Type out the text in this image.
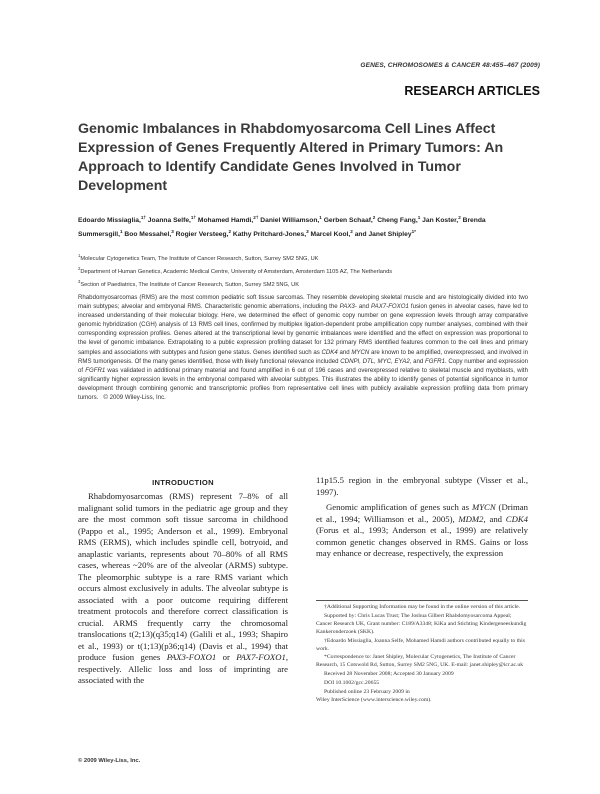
GENES, CHROMOSOMES & CANCER 48:455–467 (2009)
RESEARCH ARTICLES
Genomic Imbalances in Rhabdomyosarcoma Cell Lines Affect Expression of Genes Frequently Altered in Primary Tumors: An Approach to Identify Candidate Genes Involved in Tumor Development

Edoardo Missiaglia,$^{1\dagger}$ Joanna Selfe,$^{1\dagger}$ Mohamed Hamdi,$^{2\dagger}$ Daniel Williamson,$^1$ Gerben Schaaf,$^2$ Cheng Fang,$^1$ Jan Koster,$^2$ Brenda Summersgill,$^1$ Boo Messahel,$^3$ Rogier Versteeg,$^2$ Kathy Pritchard-Jones,$^3$ Marcel Kool,$^2$ and Janet Shipley$^{1*}$

$^1$Molecular Cytogenetics Team, The Institute of Cancer Research, Sutton, Surrey SM2 5NG, UK
$^2$Department of Human Genetics, Academic Medical Centre, University of Amsterdam, Amsterdam 1105 AZ, The Netherlands
$^3$Section of Paediatrics, The Institute of Cancer Research, Sutton, Surrey SM2 5NG, UK

Rhabdomyosarcomas (RMS) are the most common pediatric soft tissue sarcomas. They resemble developing skeletal muscle and are histologically divided into two main subtypes; alveolar and embryonal RMS. Characteristic genomic aberrations, including the PAX3- and PAX7-FOXO1 fusion genes in alveolar cases, have led to increased understanding of their molecular biology. Here, we determined the effect of genomic copy number on gene expression levels through array comparative genomic hybridization (CGH) analysis of 13 RMS cell lines, confirmed by multiplex ligation-dependent probe amplification copy number analyses, combined with their corresponding expression profiles. Genes altered at the transcriptional level by genomic imbalances were identified and the effect on expression was proportional to the level of genomic imbalance. Extrapolating to a public expression profiling dataset for 132 primary RMS identified features common to the cell lines and primary samples and associations with subtypes and fusion gene status. Genes identified such as CDK4 and MYCN are known to be amplified, overexpressed, and involved in RMS tumorigenesis. Of the many genes identified, those with likely functional relevance included CDNPI, DTL, MYC, EYA2, and FGFR1. Copy number and expression of FGFR1 was validated in additional primary material and found amplified in 6 out of 196 cases and overexpressed relative to skeletal muscle and myoblasts, with significantly higher expression levels in the embryonal compared with alveolar subtypes. This illustrates the ability to identify genes of potential significance in tumor development through combining genomic and transcriptomic profiles from representative cell lines with publicly available expression profiling data from primary tumors. © 2009 Wiley-Liss, Inc.

INTRODUCTION

Rhabdomyosarcomas (RMS) represent 7–8% of all malignant solid tumors in the pediatric age group and they are the most common soft tissue sarcoma in childhood (Pappo et al., 1995; Anderson et al., 1999). Embryonal RMS (ERMS), which includes spindle cell, botryoid, and anaplastic variants, represents about 70–80% of all RMS cases, whereas ~20% are of the alveolar (ARMS) subtype. The pleomorphic subtype is a rare RMS variant which occurs almost exclusively in adults. The alveolar subtype is associated with a poor outcome requiring different treatment protocols and therefore correct classification is crucial. ARMS frequently carry the chromosomal translocations t(2;13)(q35;q14) (Galili et al., 1993; Shapiro et al., 1993) or t(1;13)(p36;q14) (Davis et al., 1994) that produce fusion genes PAX3-FOXO1 or PAX7-FOXO1, respectively. Allelic loss and loss of imprinting are associated with the

11p15.5 region in the embryonal subtype (Visser et al., 1997).
Genomic amplification of genes such as MYCN (Driman et al., 1994; Williamson et al., 2005), MDM2, and CDK4 (Forus et al., 1993; Anderson et al., 1999) are relatively common genetic changes observed in RMS. Gains or loss may enhance or decrease, respectively, the expression

†Additional Supporting Information may be found in the online version of this article.
Supported by: Chris Lucas Trust; The Joshua Gilbert Rhabdomyosarcoma Appeal; Cancer Research UK, Grant number: C189/A3348; KiKa and Stichting Kindergeneeskundig Kankeronderzoek (SKK).
†Edoardo Missiaglia, Joanna Selfe, Mohamed Hamdi authors contributed equally to this work.
*Correspondence to: Janet Shipley, Molecular Cytogenetics, The Institute of Cancer Research, 15 Cotswold Rd, Sutton, Surrey SM2 5NG, UK. E-mail: janet.shipley@icr.ac.uk
Received 28 November 2008; Accepted 30 January 2009
DOI 10.1002/gcc.20655
Published online 23 February 2009 in
Wiley InterScience (www.interscience.wiley.com).
© 2009 Wiley-Liss, Inc.
